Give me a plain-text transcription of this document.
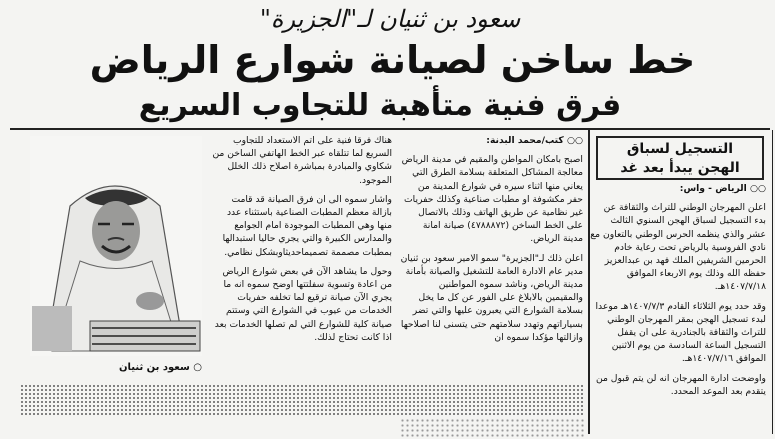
سعود بن ثنيان لـ"الجزيرة"
خط ساخن لصيانة شوارع الرياض
فرق فنية متأهبة للتجاوب السريع

○○ كتب/محمد البدنة:

اصبح بامكان المواطن والمقيم في مدينة الرياض معالجة المشاكل المتعلقة بسلامة الطرق التي يعاني منها اثناء سيره في شوارع المدينة من حفر مكشوفة او مطبات صناعية وكذلك حفريات غير نظامية عن طريق الهاتف وذلك بالاتصال على الخط الساخن (٤٧٨٨٨٧٢) صيانة امانة مدينة الرياض.

اعلن ذلك لـ"الجزيرة" سمو الامير سعود بن ثنيان مدير عام الادارة العامة للتشغيل والصيانة بأمانة مدينة الرياض، وناشد سموه المواطنين والمقيمين بالابلاغ على الفور عن كل ما يخل بسلامة الشوارع التي يعبرون عليها والتي تضر بسياراتهم وتهدد سلامتهم حتى يتسنى لنا اصلاحها وازالتها مؤكدا سموه ان

هناك فرقا فنية على اتم الاستعداد للتجاوب السريع لما تتلقاه عبر الخط الهاتفي الساخن من شكاوي والمبادرة بمباشرة اصلاح ذلك الخلل الموجود.

واشار سموه الى ان فرق الصيانة قد قامت بازالة معظم المطبات الصناعية باستثناء عدد منها وهي المطبات الموجودة امام الجوامع والمدارس الكبيرة والتي يجري حاليا استبدالها بمطبات مصممة تصميماحديثاوبشكل نظامي.

وحول ما يشاهد الآن في بعض شوارع الرياض من اعادة وتسوية سفلتتها اوضح سموه انه ما يجري الآن صيانة ترقيع لما تخلفه حفريات الخدمات من عيوب في الشوارع التي وستتم صيانة كلية للشوارع التي لم تصلها الخدمات بعد اذا كانت تحتاج لذلك.

○ سعود بن ثنيان
التسجيل لسباق
الهجن يبدأ بعد غد

○○ الرياض - واس:

اعلن المهرجان الوطني للتراث والثقافة عن بدء التسجيل لسباق الهجن السنوي الثالث عشر والذي ينظمه الحرس الوطني بالتعاون مع نادي الفروسية بالرياض تحت رعاية خادم الحرمين الشريفين الملك فهد بن عبدالعزيز حفظه الله وذلك يوم الاربعاء الموافق ١٤٠٧/٧/١٨هـ.

وقد حدد يوم الثلاثاء القادم ١٤٠٧/٧/٣هـ موعدا لبدء تسجيل الهجن بمقر المهرجان الوطني للتراث والثقافة بالجنادرية على ان يقفل التسجيل الساعة السادسة من يوم الاثنين الموافق ١٤٠٧/٧/١٦هـ.

واوضحت ادارة المهرجان انه لن يتم قبول من يتقدم بعد الموعد المحدد.
